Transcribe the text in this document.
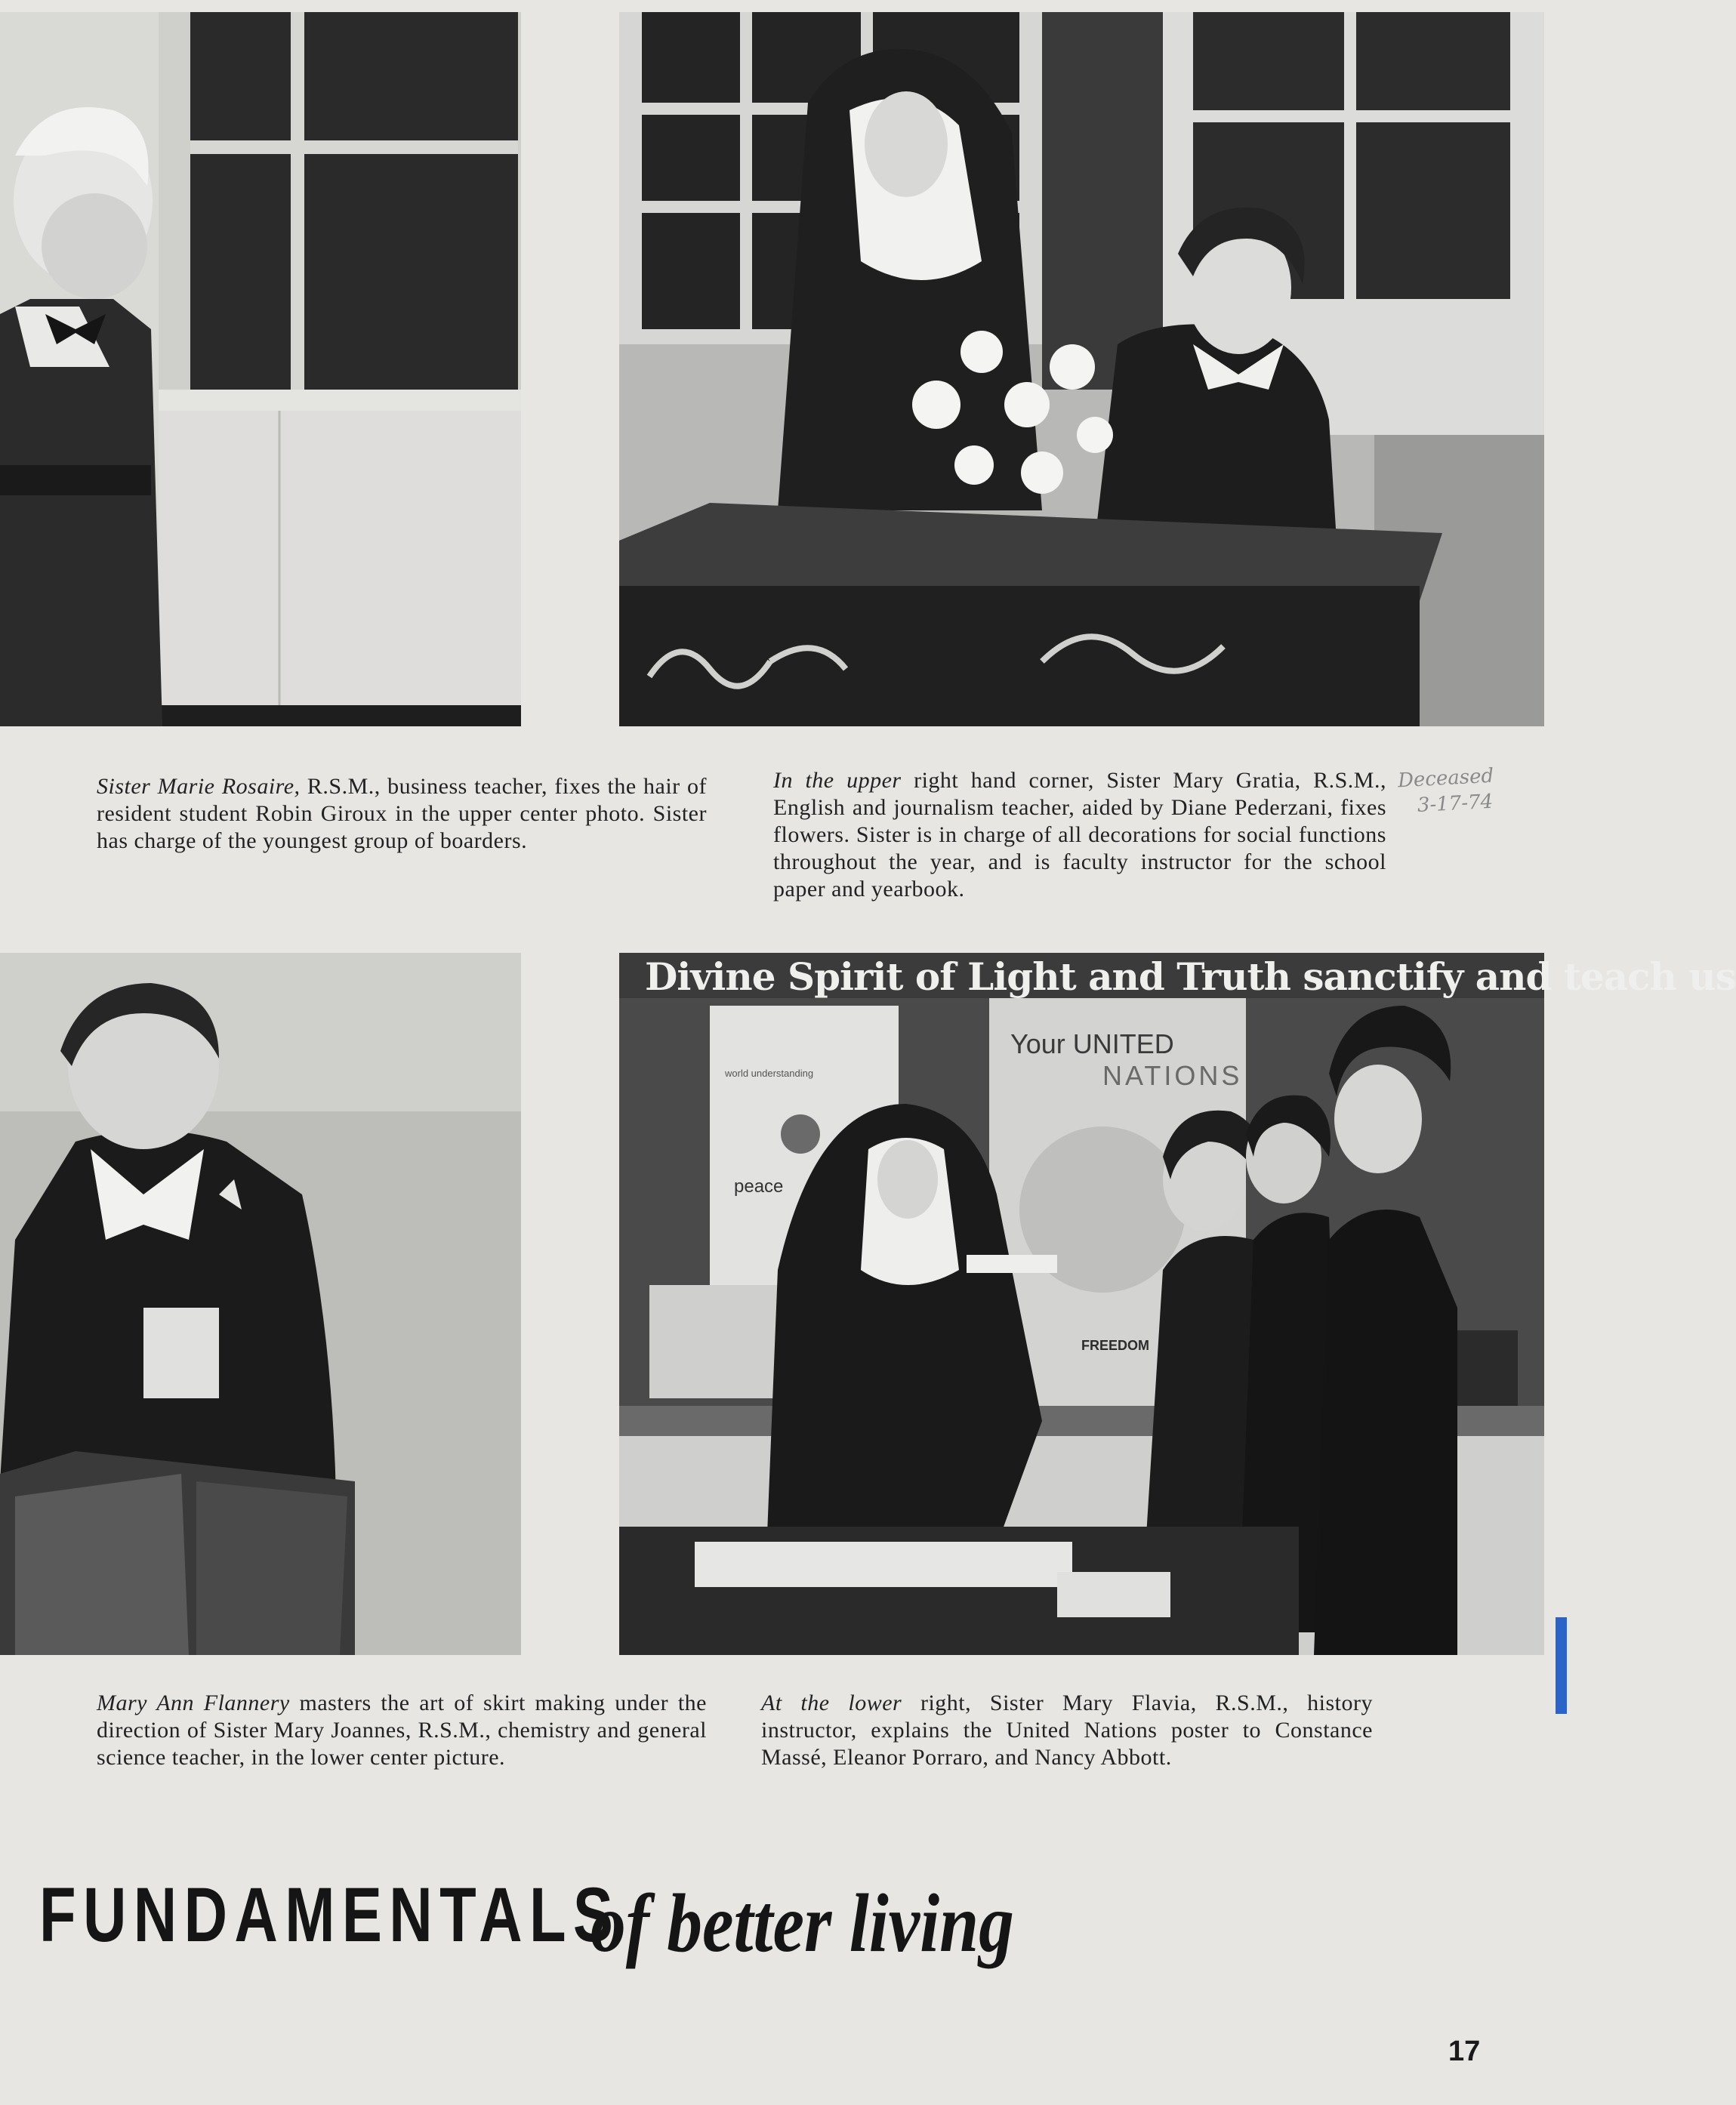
Sister Marie Rosaire, R.S.M., business teacher, fixes the hair of resident student Robin Giroux in the upper center photo. Sister has charge of the youngest group of boarders.
In the upper right hand corner, Sister Mary Gratia, R.S.M., English and journalism teacher, aided by Diane Pederzani, fixes flowers. Sister is in charge of all decorations for social functions throughout the year, and is faculty instructor for the school paper and yearbook.
Deceased
3-17-74
Divine Spirit of Light and Truth sanctify and teach us
Your UNITED
NATIONS
world understanding
peace
FREEDOM
Mary Ann Flannery masters the art of skirt making under the direction of Sister Mary Joannes, R.S.M., chemistry and general science teacher, in the lower center picture.
At the lower right, Sister Mary Flavia, R.S.M., history instructor, explains the United Nations poster to Constance Massé, Eleanor Porraro, and Nancy Abbott.
FUNDAMENTALS
of better living
17
